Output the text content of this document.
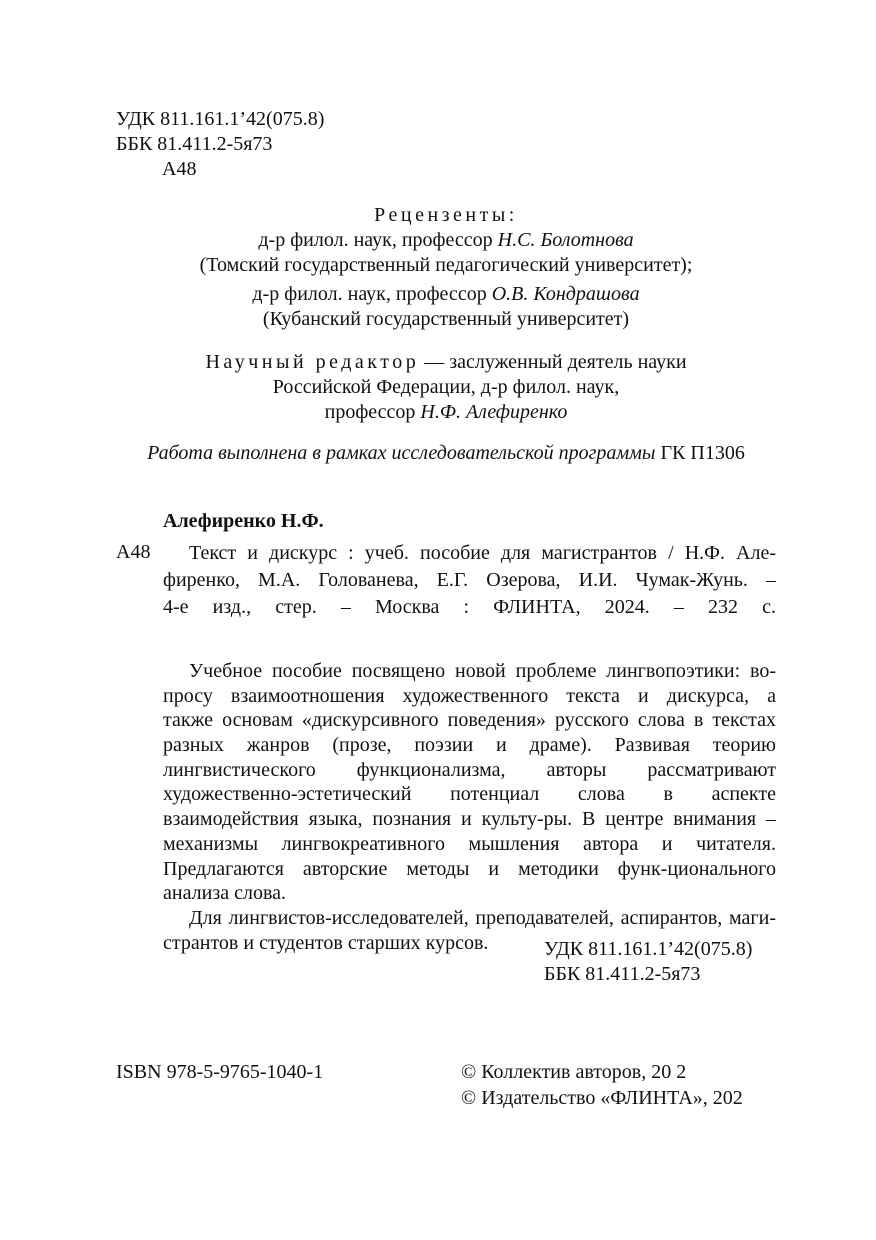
УДК 811.161.1’42(075.8)
ББК 81.411.2-5я73
А48
Рецензенты:
д-р филол. наук, профессор Н.С. Болотнова
(Томский государственный педагогический университет);
д-р филол. наук, профессор О.В. Кондрашова
(Кубанский государственный университет)
Научный редактор — заслуженный деятель науки
Российской Федерации, д-р филол. наук,
профессор Н.Ф. Алефиренко
Работа выполнена в рамках исследовательской программы ГК П1306
Алефиренко Н.Ф.
А48	Текст и дискурс : учеб. пособие для магистрантов / Н.Ф. Але-
фиренко, М.А. Голованева, Е.Г. Озерова, И.И. Чумак-Жунь. –
4-е изд., стер. – Москва : ФЛИНТА, 2024. – 232 с.
Учебное пособие посвящено новой проблеме лингвопоэтики: во-
просу взаимоотношения художественного текста и дискурса, а
также основам «дискурсивного поведения» русского слова в текстах
разных жанров (прозе, поэзии и драме). Развивая теорию
лингвистического функционализма, авторы рассматривают
художественно-эстетический потенциал слова в аспекте
взаимодействия языка, познания и культу-ры. В центре внимания –
механизмы лингвокреативного мышления автора и читателя.
Предлагаются авторские методы и методики функ-ционального
анализа слова.
Для лингвистов-исследователей, преподавателей, аспирантов, маги-
странтов и студентов старших курсов.	УДК 811.161.1’42(075.8)
ББК 81.411.2-5я73
ISBN 978-5-9765-1040-1	© Коллектив авторов, 20 2
© Издательство «ФЛИНТА», 202
